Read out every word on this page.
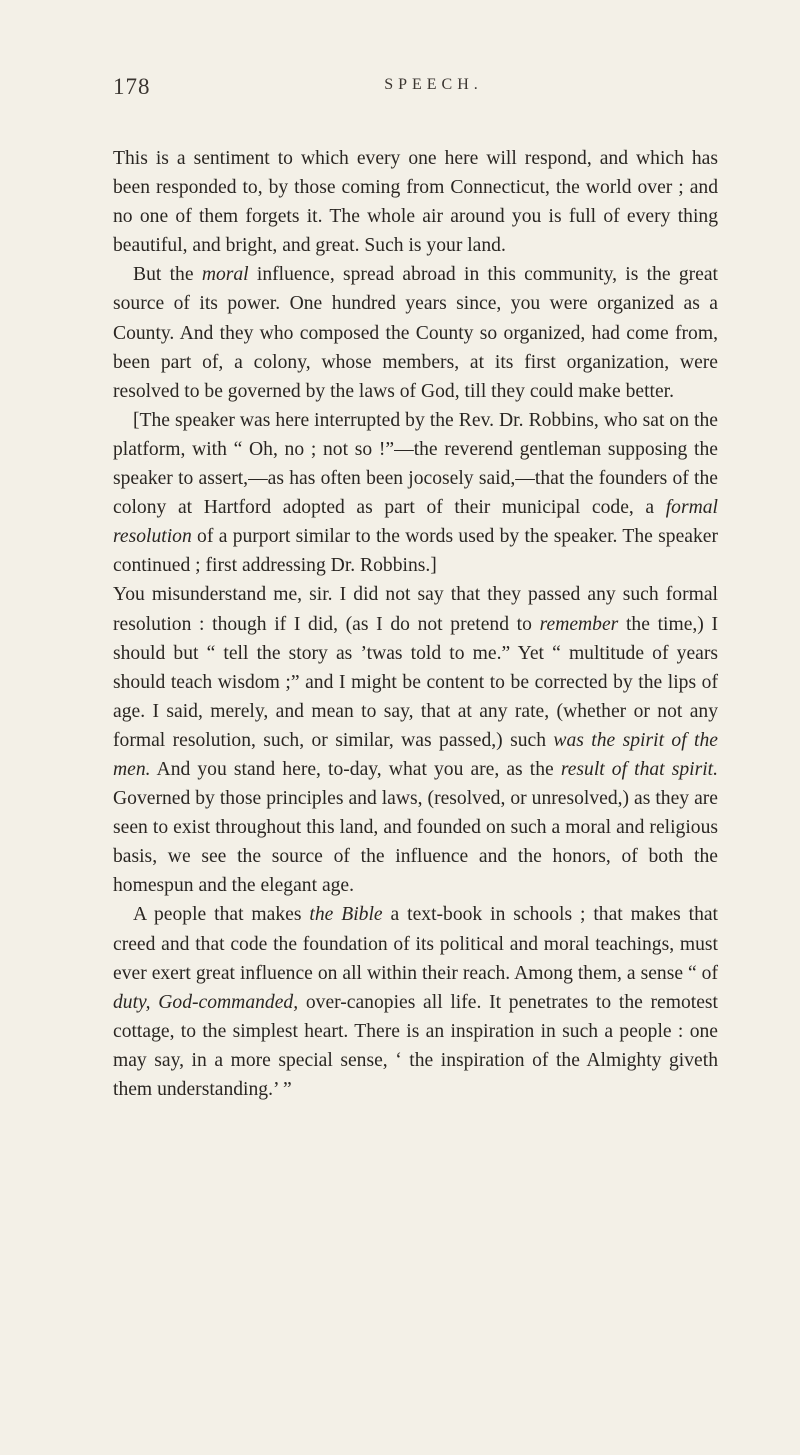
178	SPEECH.

This is a sentiment to which every one here will respond, and which has been responded to, by those coming from Connecticut, the world over ; and no one of them forgets it. The whole air around you is full of every thing beautiful, and bright, and great. Such is your land.

But the moral influence, spread abroad in this community, is the great source of its power. One hundred years since, you were organized as a County. And they who composed the County so organized, had come from, been part of, a colony, whose members, at its first organization, were resolved to be governed by the laws of God, till they could make better.

[The speaker was here interrupted by the Rev. Dr. Robbins, who sat on the platform, with “ Oh, no ; not so !”—the reverend gentleman supposing the speaker to assert,—as has often been jocosely said,—that the founders of the colony at Hartford adopted as part of their municipal code, a formal resolution of a purport similar to the words used by the speaker. The speaker continued ; first addressing Dr. Robbins.]

You misunderstand me, sir. I did not say that they passed any such formal resolution : though if I did, (as I do not pretend to remember the time,) I should but “ tell the story as ’twas told to me.” Yet “ multitude of years should teach wisdom ;” and I might be content to be corrected by the lips of age. I said, merely, and mean to say, that at any rate, (whether or not any formal resolution, such, or similar, was passed,) such was the spirit of the men. And you stand here, to-day, what you are, as the result of that spirit. Governed by those principles and laws, (resolved, or unresolved,) as they are seen to exist throughout this land, and founded on such a moral and religious basis, we see the source of the influence and the honors, of both the homespun and the elegant age.

A people that makes the Bible a text-book in schools ; that makes that creed and that code the foundation of its political and moral teachings, must ever exert great influence on all within their reach. Among them, a sense “ of duty, God-commanded, over-canopies all life. It penetrates to the remotest cottage, to the simplest heart. There is an inspiration in such a people : one may say, in a more special sense, ‘ the inspiration of the Almighty giveth them understanding.’ ”
